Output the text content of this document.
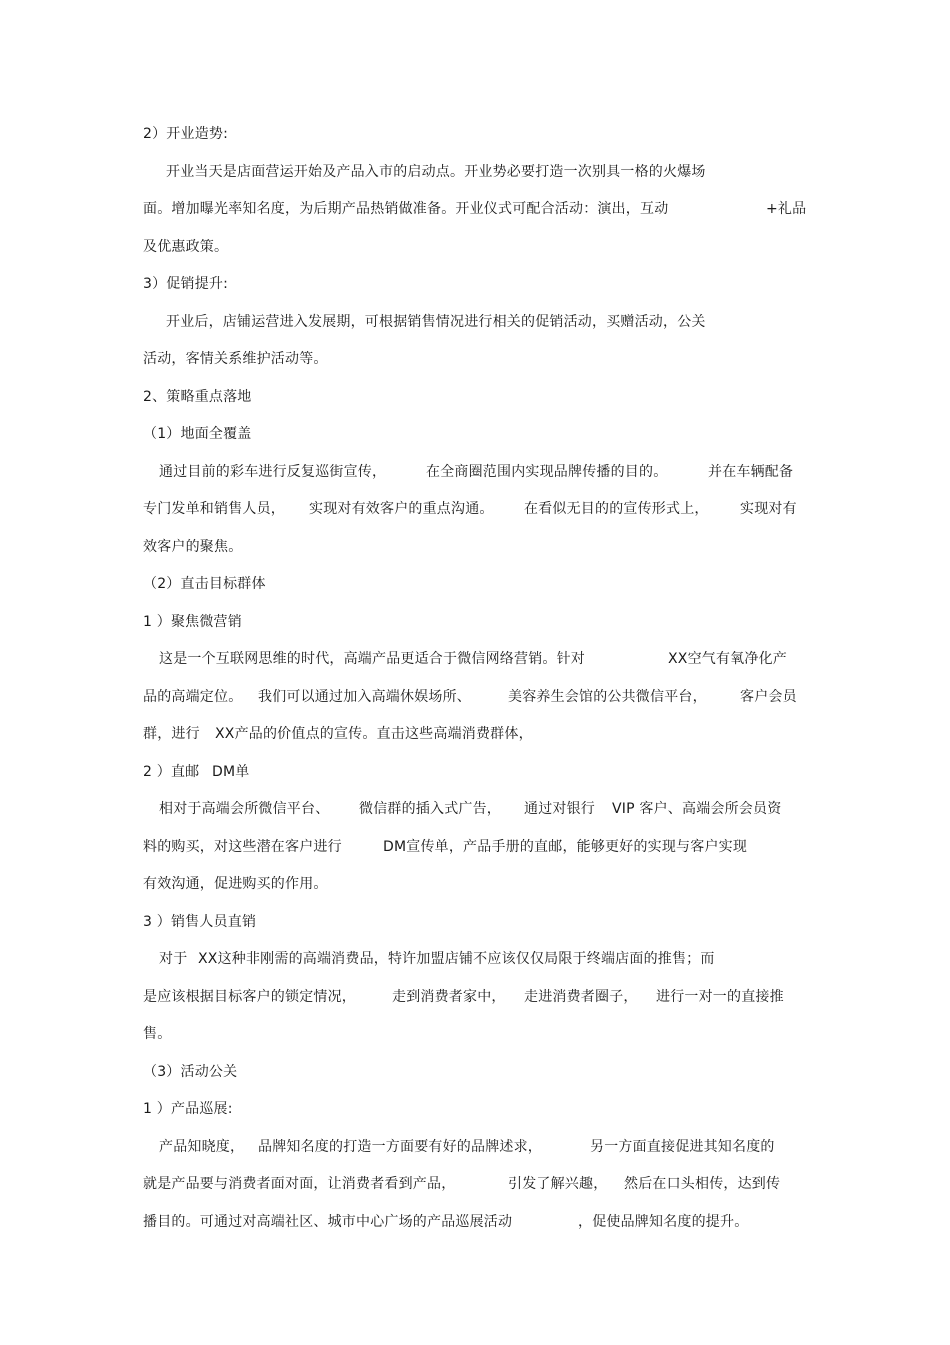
2）开业造势:
开业当天是店面营运开始及产品入市的启动点。开业势必要打造一次别具一格的火爆场
面。增加曝光率知名度，为后期产品热销做准备。开业仪式可配合活动：演出，互动	+礼品
及优惠政策。
3）促销提升:
开业后，店铺运营进入发展期，可根据销售情况进行相关的促销活动，买赠活动，公关
活动，客情关系维护活动等。
2、策略重点落地
（1）地面全覆盖
通过目前的彩车进行反复巡街宣传，	在全商圈范围内实现品牌传播的目的。	并在车辆配备
专门发单和销售人员， 实现对有效客户的重点沟通。 在看似无目的的宣传形式上， 实现对有
效客户的聚焦。
（2）直击目标群体
1 ）聚焦微营销
这是一个互联网思维的时代，高端产品更适合于微信网络营销。针对	XX空气有氧净化产
品的高端定位。 我们可以通过加入高端休娱场所、	美容养生会馆的公共微信平台， 客户会员
群，进行 XX产品的价值点的宣传。直击这些高端消费群体，
2 ）直邮 DM单
相对于高端会所微信平台、 微信群的插入式广告， 通过对银行 VIP 客户、高端会所会员资
料的购买，对这些潜在客户进行	DM宣传单，产品手册的直邮，能够更好的实现与客户实现
有效沟通，促进购买的作用。
3 ）销售人员直销
对于 XX这种非刚需的高端消费品，特许加盟店铺不应该仅仅局限于终端店面的推售；而
是应该根据目标客户的锁定情况，	走到消费者家中， 走进消费者圈子， 进行一对一的直接推
售。
（3）活动公关
1 ）产品巡展:
产品知晓度， 品牌知名度的打造一方面要有好的品牌述求，	另一方面直接促进其知名度的
就是产品要与消费者面对面，让消费者看到产品，	引发了解兴趣， 然后在口头相传，达到传
播目的。可通过对高端社区、城市中心广场的产品巡展活动	，促使品牌知名度的提升。
